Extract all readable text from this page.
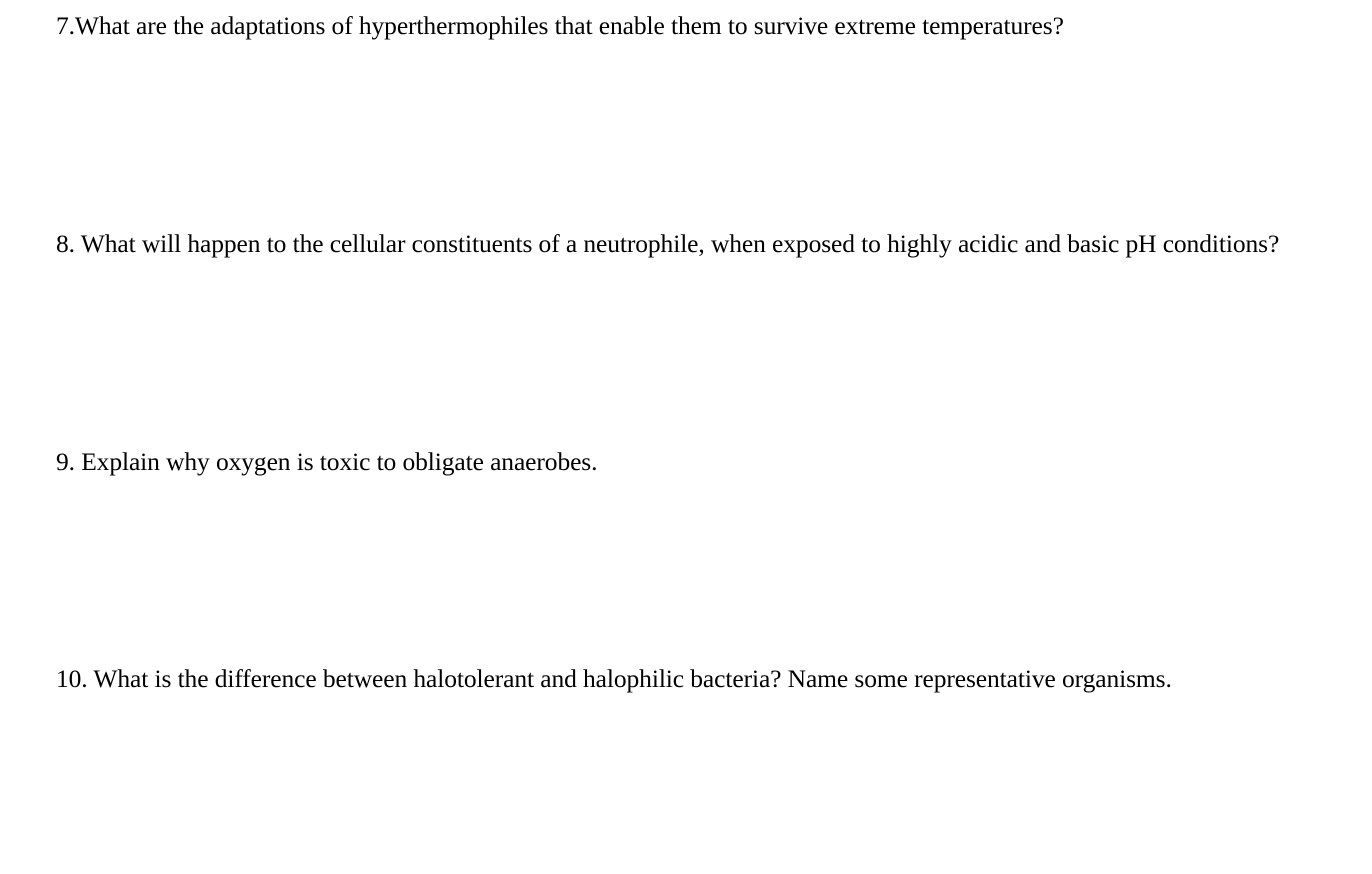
7.What are the adaptations of hyperthermophiles that enable them to survive extreme temperatures?

8. What will happen to the cellular constituents of a neutrophile, when exposed to highly acidic and basic pH conditions?

9. Explain why oxygen is toxic to obligate anaerobes.

10. What is the difference between halotolerant and halophilic bacteria? Name some representative organisms.
